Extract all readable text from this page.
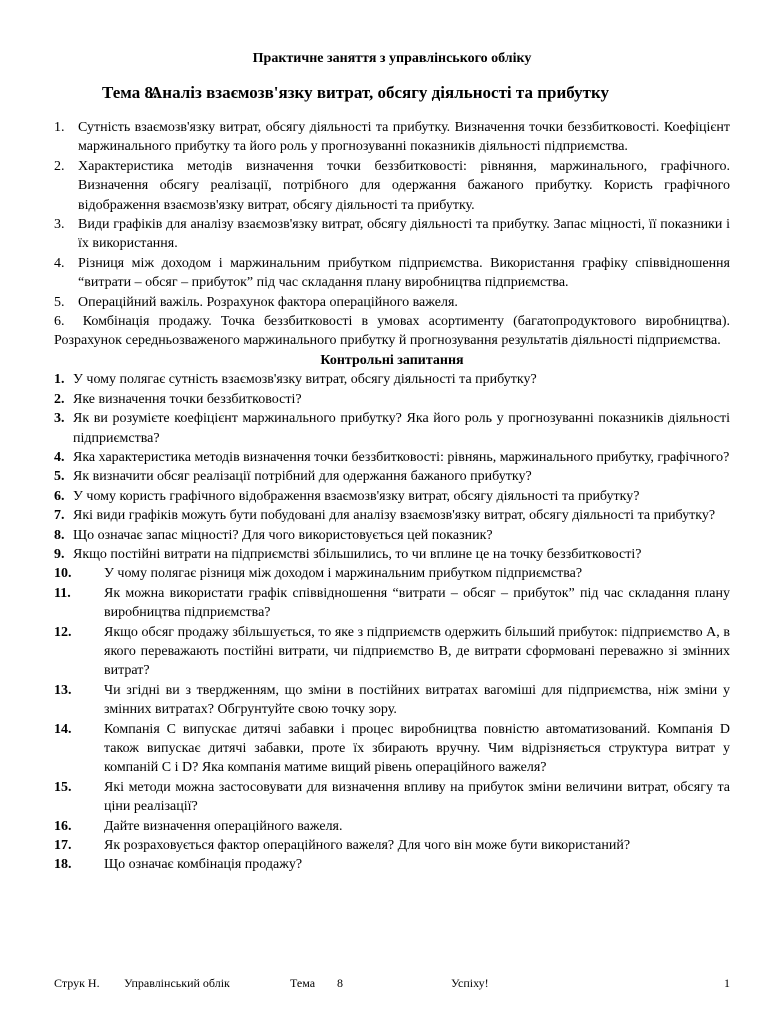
Практичне заняття з управлінського обліку

Тема 8.
Аналіз взаємозв'язку витрат, обсягу діяльності та прибутку
1. Сутність взаємозв'язку витрат, обсягу діяльності та прибутку. Визначення точки беззбитковості. Коефіцієнт маржинального прибутку та його роль у прогнозуванні показників діяльності підприємства.
2. Характеристика методів визначення точки беззбитковості: рівняння, маржинального, графічного. Визначення обсягу реалізації, потрібного для одержання бажаного прибутку. Користь графічного відображення взаємозв'язку витрат, обсягу діяльності та прибутку.
3. Види графіків для аналізу взаємозв'язку витрат, обсягу діяльності та прибутку. Запас міцності, її показники і їх використання.
4. Різниця між доходом і маржинальним прибутком підприємства. Використання графіку співвідношення “витрати – обсяг – прибуток” під час складання плану виробництва підприємства.
5. Операційний важіль. Розрахунок фактора операційного важеля.
6. Комбінація продажу. Точка беззбитковості в умовах асортименту (багатопродуктового виробництва). Розрахунок середньозваженого маржинального прибутку й прогнозування результатів діяльності підприємства.

Контрольні запитання

1. У чому полягає сутність взаємозв'язку витрат, обсягу діяльності та прибутку?
2. Яке визначення точки беззбитковості?
3. Як ви розумієте коефіцієнт маржинального прибутку? Яка його роль у прогнозуванні показників діяльності підприємства?
4. Яка характеристика методів визначення точки беззбитковості: рівнянь, маржинального прибутку, графічного?
5. Як визначити обсяг реалізації потрібний для одержання бажаного прибутку?
6. У чому користь графічного відображення взаємозв'язку витрат, обсягу діяльності та прибутку?
7. Які види графіків можуть бути побудовані для аналізу взаємозв'язку витрат, обсягу діяльності та прибутку?
8. Що означає запас міцності? Для чого використовується цей показник?
9. Якщо постійні витрати на підприємстві збільшились, то чи вплине це на точку беззбитковості?
10.	У чому полягає різниця між доходом і маржинальним прибутком підприємства?
11.	Як можна використати графік співвідношення “витрати – обсяг – прибуток” під час складання плану виробництва підприємства?
12.	Якщо обсяг продажу збільшується, то яке з підприємств одержить більший прибуток: підприємство А, в якого переважають постійні витрати, чи підприємство В, де витрати сформовані переважно зі змінних витрат?
13.	Чи згідні ви з твердженням, що зміни в постійних витратах вагоміші для підприємства, ніж зміни у змінних витратах? Обгрунтуйте свою точку зору.
14.	Компанія С випускає дитячі забавки і процес виробництва повністю автоматизований. Компанія D також випускає дитячі забавки, проте їх збирають вручну. Чим відрізняється структура витрат у компаній С і D? Яка компанія матиме вищий рівень операційного важеля?
15.	Які методи можна застосовувати для визначення впливу на прибуток зміни величини витрат, обсягу та ціни реалізації?
16.	Дайте визначення операційного важеля.
17.	Як розраховується фактор операційного важеля? Для чого він може бути використаний?
18.	Що означає комбінація продажу?
Струк Н. Управлінський облік	Тема 8	Успіху!	1
